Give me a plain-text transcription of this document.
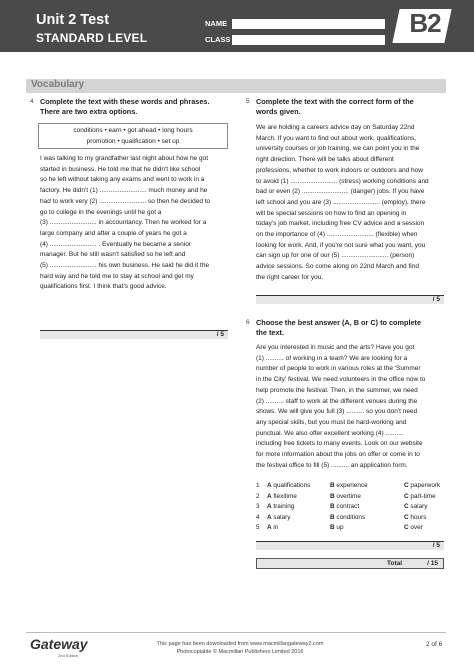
Unit 2 Test
STANDARD LEVEL
NAME
CLASS
B2
Vocabulary
4 Complete the text with these words and phrases.
There are two extra options.
conditions • earn • got ahead • long hours
promotion • qualification • set up
I was talking to my grandfather last night about how he got
started in business. He told me that he didn't like school
so he left without taking any exams and went to work in a
factory. He didn't (1) .......................... much money and he
had to work very (2) .......................... so then he decided to
go to college in the evenings until he got a
(3) .......................... in accountancy. Then he worked for a
large company and after a couple of years he got a
(4) .......................... . Eventually he became a senior
manager. But he still wasn't satisfied so he left and
(5) .......................... his own business. He said he did it the
hard way and he told me to stay at school and get my
qualifications first. I think that's good advice.
/ 5
5 Complete the text with the correct form of the
words given.
We are holding a careers advice day on Saturday 22nd
March. If you want to find out about work, qualifications,
university courses or job training, we can point you in the
right direction. There will be talks about different
professions, whether to work indoors or outdoors and how
to avoid (1) .......................... (stress) working conditions and
bad or even (2) .......................... (danger) jobs. If you have
left school and you are (3) .......................... (employ), there
will be special sessions on how to find an opening in
today's job market, including free CV advice and a session
on the importance of (4) .......................... (flexible) when
looking for work. And, if you're not sure what you want, you
can sign up for one of our (5) .......................... (person)
advice sessions. So come along on 22nd March and find
the right career for you.
/ 5
6 Choose the best answer (A, B or C) to complete
the text.
Are you interested in music and the arts? Have you got
(1) .......... of working in a team? We are looking for a
number of people to work in various roles at the 'Summer
in the City' festival. We need volunteers in the office now to
help promote the festival. Then, in the summer, we need
(2) .......... staff to work at the different venues during the
shows. We will give you full (3) .......... so you don't need
any special skills, but you must be hard-working and
punctual. We also offer excellent working (4) ..........
including free tickets to many events. Look on our website
for more information about the jobs on offer or come in to
the festival office to fill (5) .......... an application form.
1 A qualifications	B experience	C paperwork
2 A flexitime	B overtime	C part-time
3 A training	B contract	C salary
4 A salary	B conditions	C hours
5 A in	B up	C over
/ 5
Total	/ 15
Gateway
2nd Edition
This page has been downloaded from www.macmillangateway2.com
Photocopiable © Macmillan Publishers Limited 2016
2 of 6
